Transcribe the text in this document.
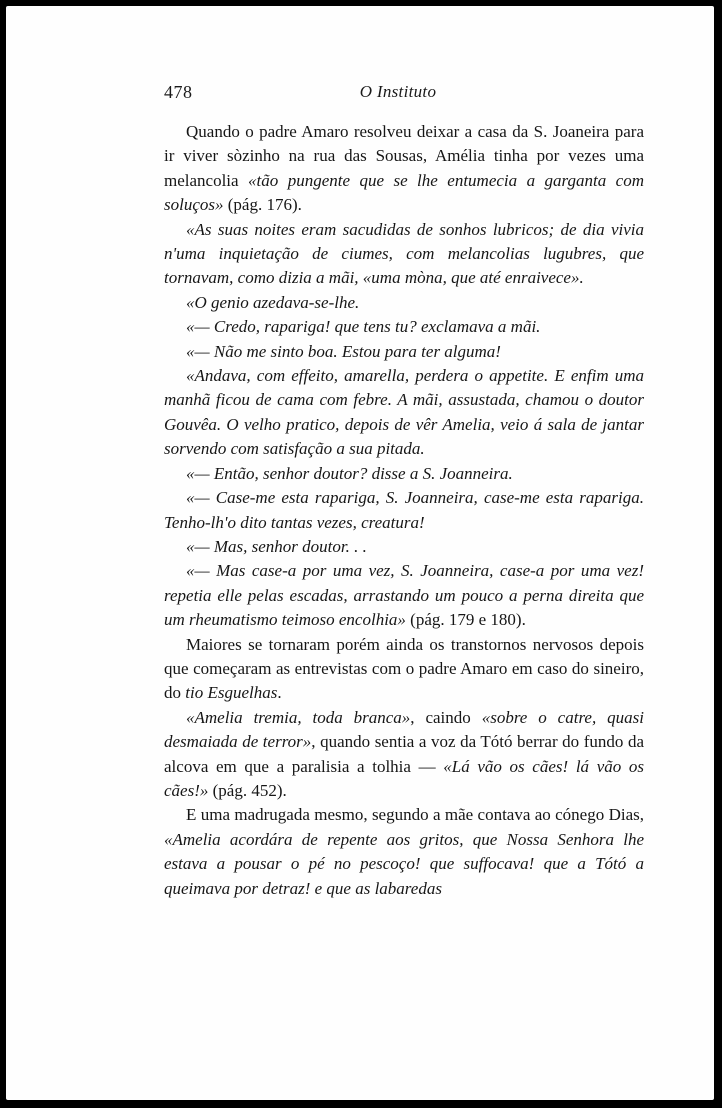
478	O Instituto

Quando o padre Amaro resolveu deixar a casa da S. Joaneira para ir viver sòzinho na rua das Sousas, Amélia tinha por vezes uma melancolia «tão pungente que se lhe entumecia a garganta com soluços» (pág. 176).

«As suas noites eram sacudidas de sonhos lubricos; de dia vivia n'uma inquietação de ciumes, com melancolias lugubres, que tornavam, como dizia a mãi, «uma mòna, que até enraivece».

«O genio azedava-se-lhe.

«— Credo, rapariga! que tens tu? exclamava a mãi.

«— Não me sinto boa. Estou para ter alguma!

«Andava, com effeito, amarella, perdera o appetite. E enfim uma manhã ficou de cama com febre. A mãi, assustada, chamou o doutor Gouvêa. O velho pratico, depois de vêr Amelia, veio á sala de jantar sorvendo com satisfação a sua pitada.

«— Então, senhor doutor? disse a S. Joanneira.

«— Case-me esta rapariga, S. Joanneira, case-me esta rapariga. Tenho-lh'o dito tantas vezes, creatura!

«— Mas, senhor doutor. . .

«— Mas case-a por uma vez, S. Joanneira, case-a por uma vez! repetia elle pelas escadas, arrastando um pouco a perna direita que um rheumatismo teimoso encolhia» (pág. 179 e 180).

Maiores se tornaram porém ainda os transtornos nervosos depois que começaram as entrevistas com o padre Amaro em caso do sineiro, do tio Esguelhas.

«Amelia tremia, toda branca», caindo «sobre o catre, quasi desmaiada de terror», quando sentia a voz da Tótó berrar do fundo da alcova em que a paralisia a tolhia — «Lá vão os cães! lá vão os cães!» (pág. 452).

E uma madrugada mesmo, segundo a mãe contava ao cónego Dias, «Amelia acordára de repente aos gritos, que Nossa Senhora lhe estava a pousar o pé no pescoço! que suffocava! que a Tótó a queimava por detraz! e que as labaredas
